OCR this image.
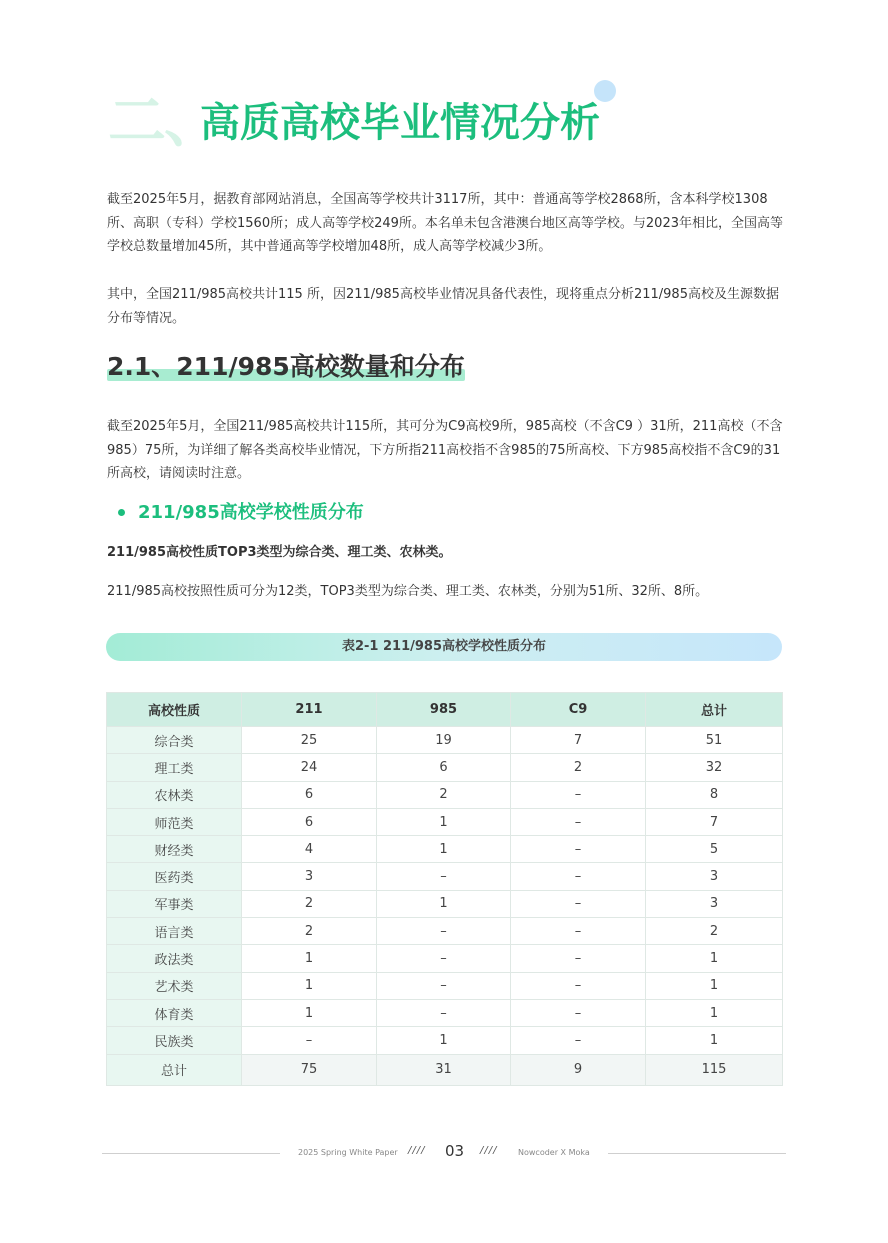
二、
高质高校毕业情况分析

截至2025年5月，据教育部网站消息，全国高等学校共计3117所，其中：普通高等学校2868所，含本科学校1308所、高职（专科）学校1560所；成人高等学校249所。本名单未包含港澳台地区高等学校。与2023年相比，全国高等学校总数量增加45所，其中普通高等学校增加48所，成人高等学校减少3所。

其中，全国211/985高校共计115 所，因211/985高校毕业情况具备代表性，现将重点分析211/985高校及生源数据分布等情况。

2.1、211/985高校数量和分布

截至2025年5月，全国211/985高校共计115所，其可分为C9高校9所，985高校（不含C9 ）31所，211高校（不含985）75所，为详细了解各类高校毕业情况，下方所指211高校指不含985的75所高校、下方985高校指不含C9的31所高校，请阅读时注意。

211/985高校学校性质分布
211/985高校性质TOP3类型为综合类、理工类、农林类。

211/985高校按照性质可分为12类，TOP3类型为综合类、理工类、农林类，分别为51所、32所、8所。

表2-1 211/985高校学校性质分布
高校性质	211	985	C9	总计
综合类	25	19	7	51
理工类	24	6	2	32
农林类	6	2	–	8
师范类	6	1	–	7
财经类	4	1	–	5
医药类	3	–	–	3
军事类	2	1	–	3
语言类	2	–	–	2
政法类	1	–	–	1
艺术类	1	–	–	1
体育类	1	–	–	1
民族类	–	1	–	1
总计	75	31	9	115
2025 Spring White Paper //// 03 ////	Nowcoder X Moka
